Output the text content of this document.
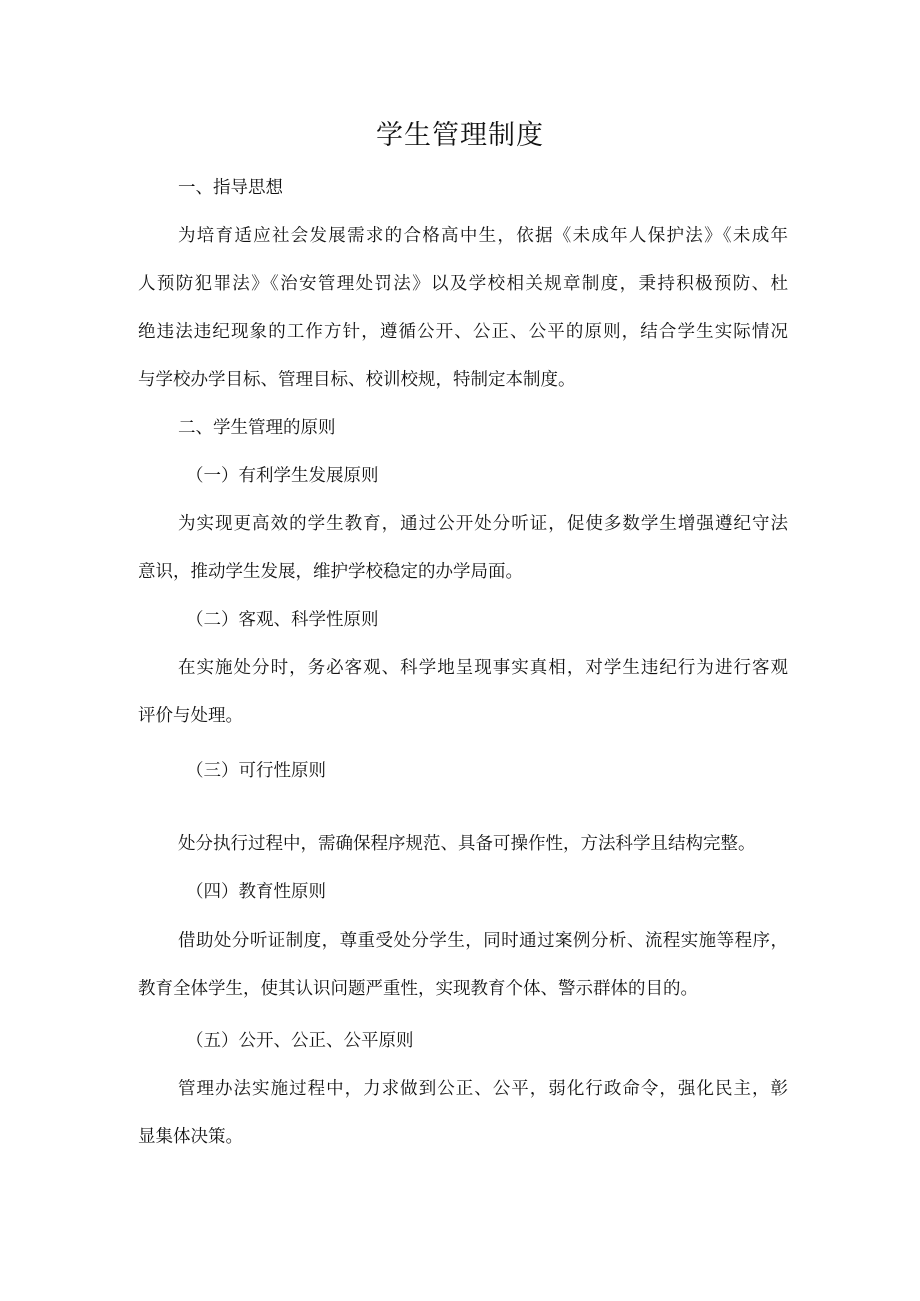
学生管理制度
一、指导思想
为培育适应社会发展需求的合格高中生，依据《未成年人保护法》《未成年
人预防犯罪法》《治安管理处罚法》以及学校相关规章制度，秉持积极预防、杜
绝违法违纪现象的工作方针，遵循公开、公正、公平的原则，结合学生实际情况
与学校办学目标、管理目标、校训校规，特制定本制度。
二、学生管理的原则
（一）有利学生发展原则
为实现更高效的学生教育，通过公开处分听证，促使多数学生增强遵纪守法
意识，推动学生发展，维护学校稳定的办学局面。
（二）客观、科学性原则
在实施处分时，务必客观、科学地呈现事实真相，对学生违纪行为进行客观
评价与处理。
（三）可行性原则
处分执行过程中，需确保程序规范、具备可操作性，方法科学且结构完整。
（四）教育性原则
借助处分听证制度，尊重受处分学生，同时通过案例分析、流程实施等程序，
教育全体学生，使其认识问题严重性，实现教育个体、警示群体的目的。
（五）公开、公正、公平原则
管理办法实施过程中，力求做到公正、公平，弱化行政命令，强化民主，彰
显集体决策。
